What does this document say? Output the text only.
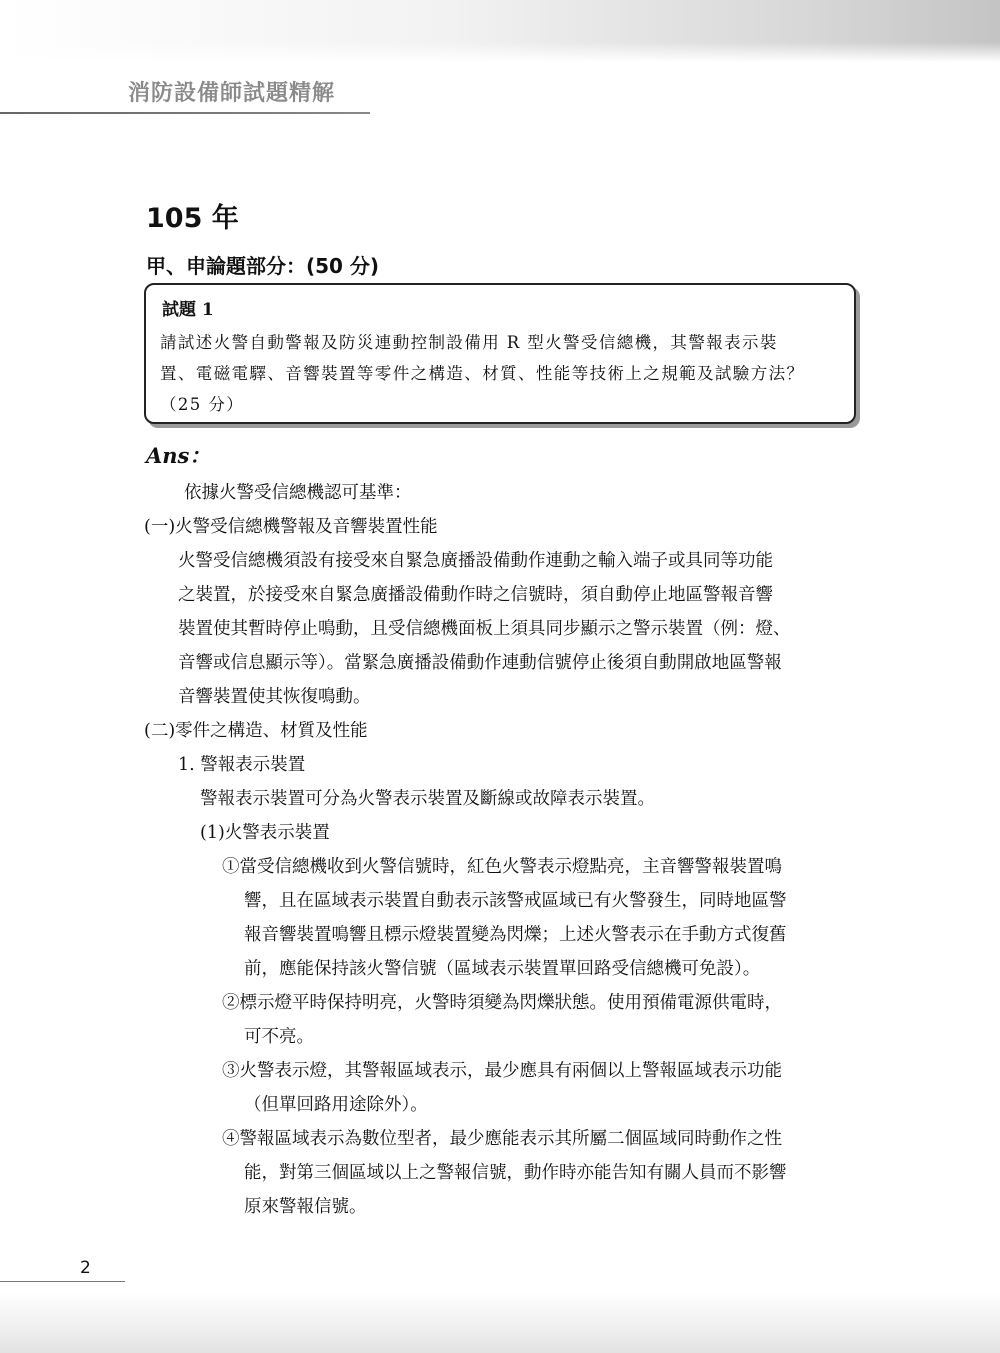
消防設備師試題精解
105 年
甲、申論題部分：(50 分)
試題 1
請試述火警自動警報及防災連動控制設備用 R 型火警受信總機，其警報表示裝
置、電磁電驛、音響裝置等零件之構造、材質、性能等技術上之規範及試驗方法？
（25 分）
Ans：
依據火警受信總機認可基準：
(一)火警受信總機警報及音響裝置性能
火警受信總機須設有接受來自緊急廣播設備動作連動之輸入端子或具同等功能
之裝置，於接受來自緊急廣播設備動作時之信號時，須自動停止地區警報音響
裝置使其暫時停止鳴動，且受信總機面板上須具同步顯示之警示裝置（例：燈、
音響或信息顯示等）。當緊急廣播設備動作連動信號停止後須自動開啟地區警報
音響裝置使其恢復鳴動。
(二)零件之構造、材質及性能
1. 警報表示裝置
警報表示裝置可分為火警表示裝置及斷線或故障表示裝置。
(1)火警表示裝置
①當受信總機收到火警信號時，紅色火警表示燈點亮，主音響警報裝置鳴
響，且在區域表示裝置自動表示該警戒區域已有火警發生，同時地區警
報音響裝置鳴響且標示燈裝置變為閃爍；上述火警表示在手動方式復舊
前，應能保持該火警信號（區域表示裝置單回路受信總機可免設）。
②標示燈平時保持明亮，火警時須變為閃爍狀態。使用預備電源供電時，
可不亮。
③火警表示燈，其警報區域表示，最少應具有兩個以上警報區域表示功能
（但單回路用途除外）。
④警報區域表示為數位型者，最少應能表示其所屬二個區域同時動作之性
能，對第三個區域以上之警報信號，動作時亦能告知有關人員而不影響
原來警報信號。
2
